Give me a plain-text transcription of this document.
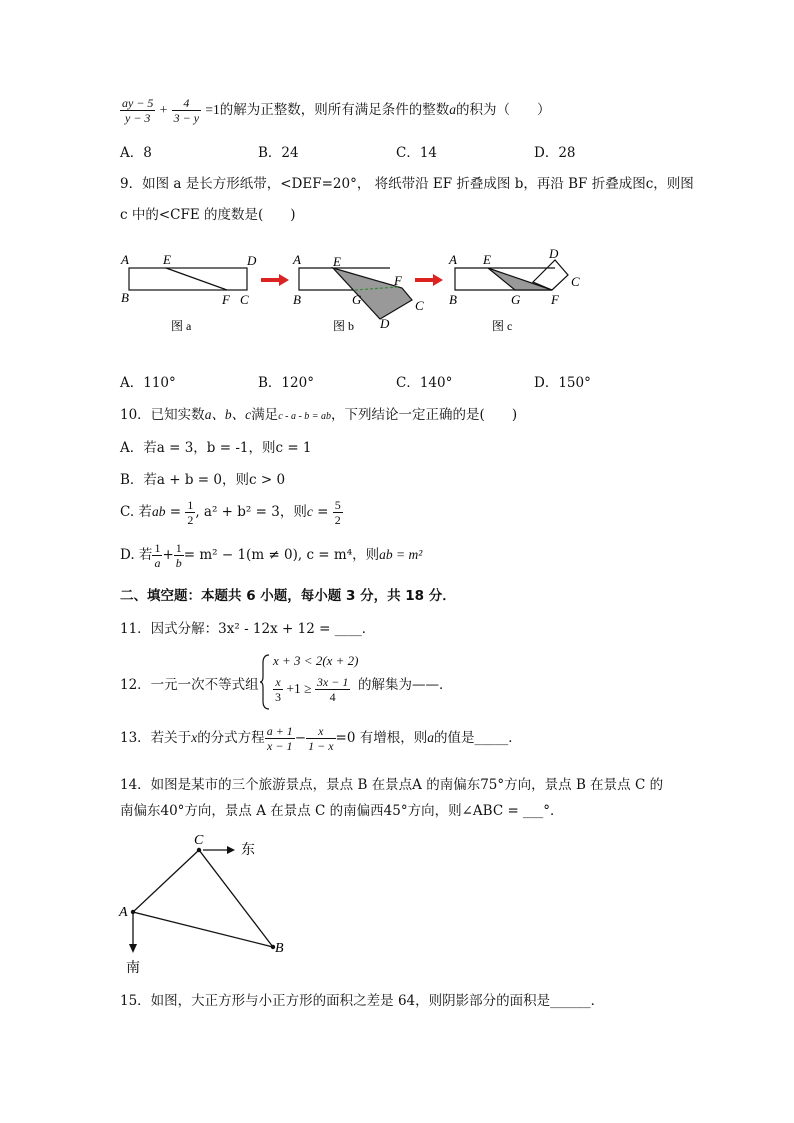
$\frac{ay - 5}{y - 3} + \frac{4}{3 - y} =1$的解为正整数，则所有满足条件的整数a的积为（　　）
A．8	B．24	C．14	D．28
9．如图 a 是长方形纸带，<DEF=20°， 将纸带沿 EF 折叠成图 b，再沿 BF 折叠成图c，则图
c 中的<CFE 的度数是(　　)
A	E	D
B	F C
A E
F
B	G	C
D
A E	D
C
B	G F
图 a	图 b	图 c
A．110°	B．120°	C．140°	D．150°
10．已知实数a、b、c满足c - a - b = ab，下列结论一定正确的是(　　)
A．若a = 3，b = -1，则c = 1
B．若a + b = 0，则c > 0
C. 若ab = $\frac{1}{2}$ , a² + b² = 3，则$c = \frac{5}{2}$
D. 若 $\frac{1}{a} + \frac{1}{b} = m^2 - 1(m \ne 0)$, c = m⁴，则ab = m²
二、填空题：本题共 6 小题，每小题 3 分，共 18 分．
11．因式分解：3x² - 12x + 12 = ____．
12．一元一次不等式组
x + 3 < 2(x + 2)
$\frac{x}{3} +1 \ge \frac{3x - 1}{4}$ 的解集为——．
13．若关于x的分式方程 $\frac{a + 1}{x - 1} - \frac{x}{1 - x} =0$ 有增根，则a的值是_____．
14．如图是某市的三个旅游景点，景点 B 在景点A 的南偏东75°方向，景点 B 在景点 C 的
南偏东40°方向，景点 A 在景点 C 的南偏西45°方向，则∠ABC = ___°．
C
A
B
东
南
15．如图，大正方形与小正方形的面积之差是 64，则阴影部分的面积是______．
